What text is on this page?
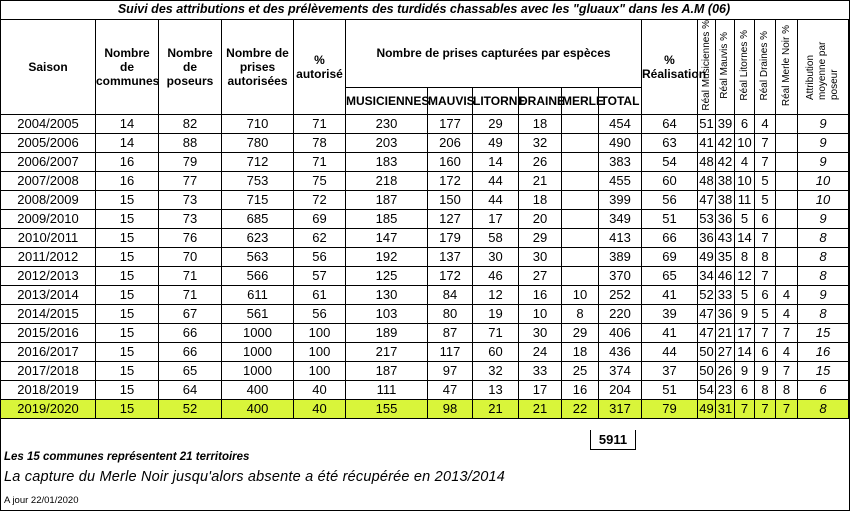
Suivi des attributions et des prélèvements des turdidés chassables avec les "gluaux" dans les A.M (06)
Saison	Nombre de communes	Nombre de poseurs	Nombre de prises autorisées	% autorisé	Nombre de prises capturées par espèces						% Réalisation	Réal Musiciennes %	Réal Mauvis %	Réal Litornes %	Réal Draines %	Réal Merle Noir %	Attribution moyenne par poseur
					MUSICIENNES	MAUVIS	LITORNE	DRAINE	MERLE	TOTAL							
2004/2005	14	82	710	71	230	177	29	18		454	64	51	39	6	4		9
2005/2006	14	88	780	78	203	206	49	32		490	63	41	42	10	7		9
2006/2007	16	79	712	71	183	160	14	26		383	54	48	42	4	7		9
2007/2008	16	77	753	75	218	172	44	21		455	60	48	38	10	5		10
2008/2009	15	73	715	72	187	150	44	18		399	56	47	38	11	5		10
2009/2010	15	73	685	69	185	127	17	20		349	51	53	36	5	6		9
2010/2011	15	76	623	62	147	179	58	29		413	66	36	43	14	7		8
2011/2012	15	70	563	56	192	137	30	30		389	69	49	35	8	8		8
2012/2013	15	71	566	57	125	172	46	27		370	65	34	46	12	7		8
2013/2014	15	71	611	61	130	84	12	16	10	252	41	52	33	5	6	4	9
2014/2015	15	67	561	56	103	80	19	10	8	220	39	47	36	9	5	4	8
2015/2016	15	66	1000	100	189	87	71	30	29	406	41	47	21	17	7	7	15
2016/2017	15	66	1000	100	217	117	60	24	18	436	44	50	27	14	6	4	16
2017/2018	15	65	1000	100	187	97	32	33	25	374	37	50	26	9	9	7	15
2018/2019	15	64	400	40	111	47	13	17	16	204	51	54	23	6	8	8	6
2019/2020	15	52	400	40	155	98	21	21	22	317	79	49	31	7	7	7	8
5911
Les 15 communes représentent 21 territoires
La capture du Merle Noir jusqu'alors absente a été récupérée en 2013/2014
A jour 22/01/2020
